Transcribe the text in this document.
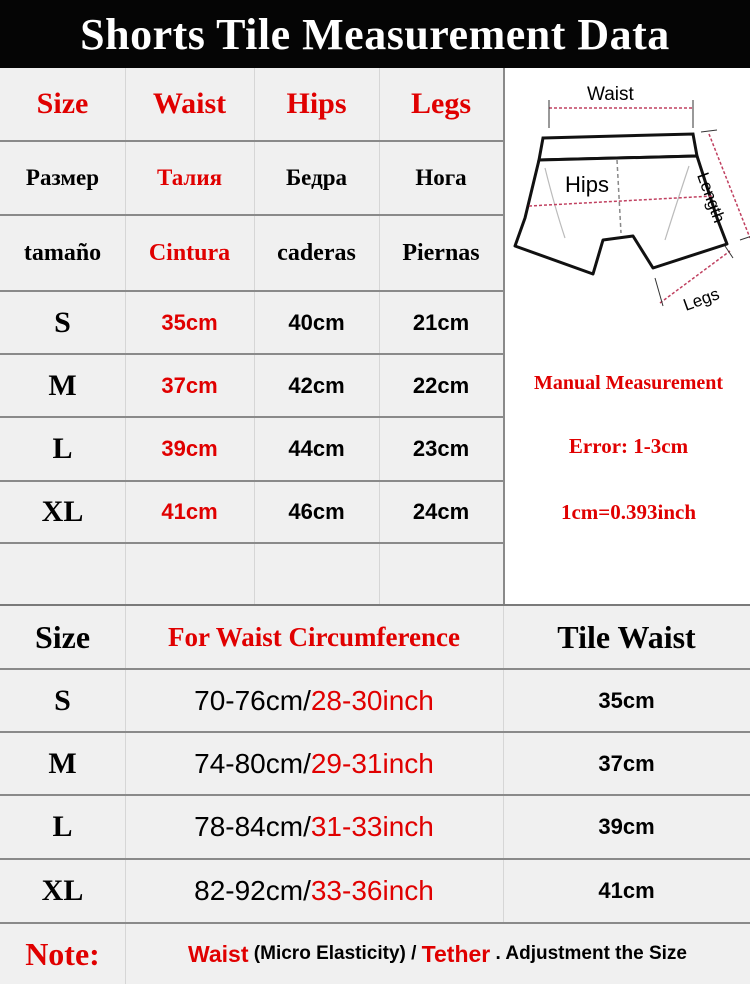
Shorts Tile Measurement Data
Size	Waist	Hips	Legs
Размер	Талия	Бедра	Нога
tamaño	Cintura	caderas	Piernas
S	35cm	40cm	21cm
M	37cm	42cm	22cm
L	39cm	44cm	23cm
XL	41cm	46cm	24cm
Waist
Hips	Length
Legs
Manual Measurement
Error: 1-3cm
1cm=0.393inch
Size	For Waist Circumference	Tile Waist
S	70-76cm/ 28-30inch	35cm
M	74-80cm/ 29-31inch	37cm
L	78-84cm/ 31-33inch	39cm
XL	82-92cm/ 33-36inch	41cm
Note:	Waist (Micro Elasticity) / Tether . Adjustment the Size
